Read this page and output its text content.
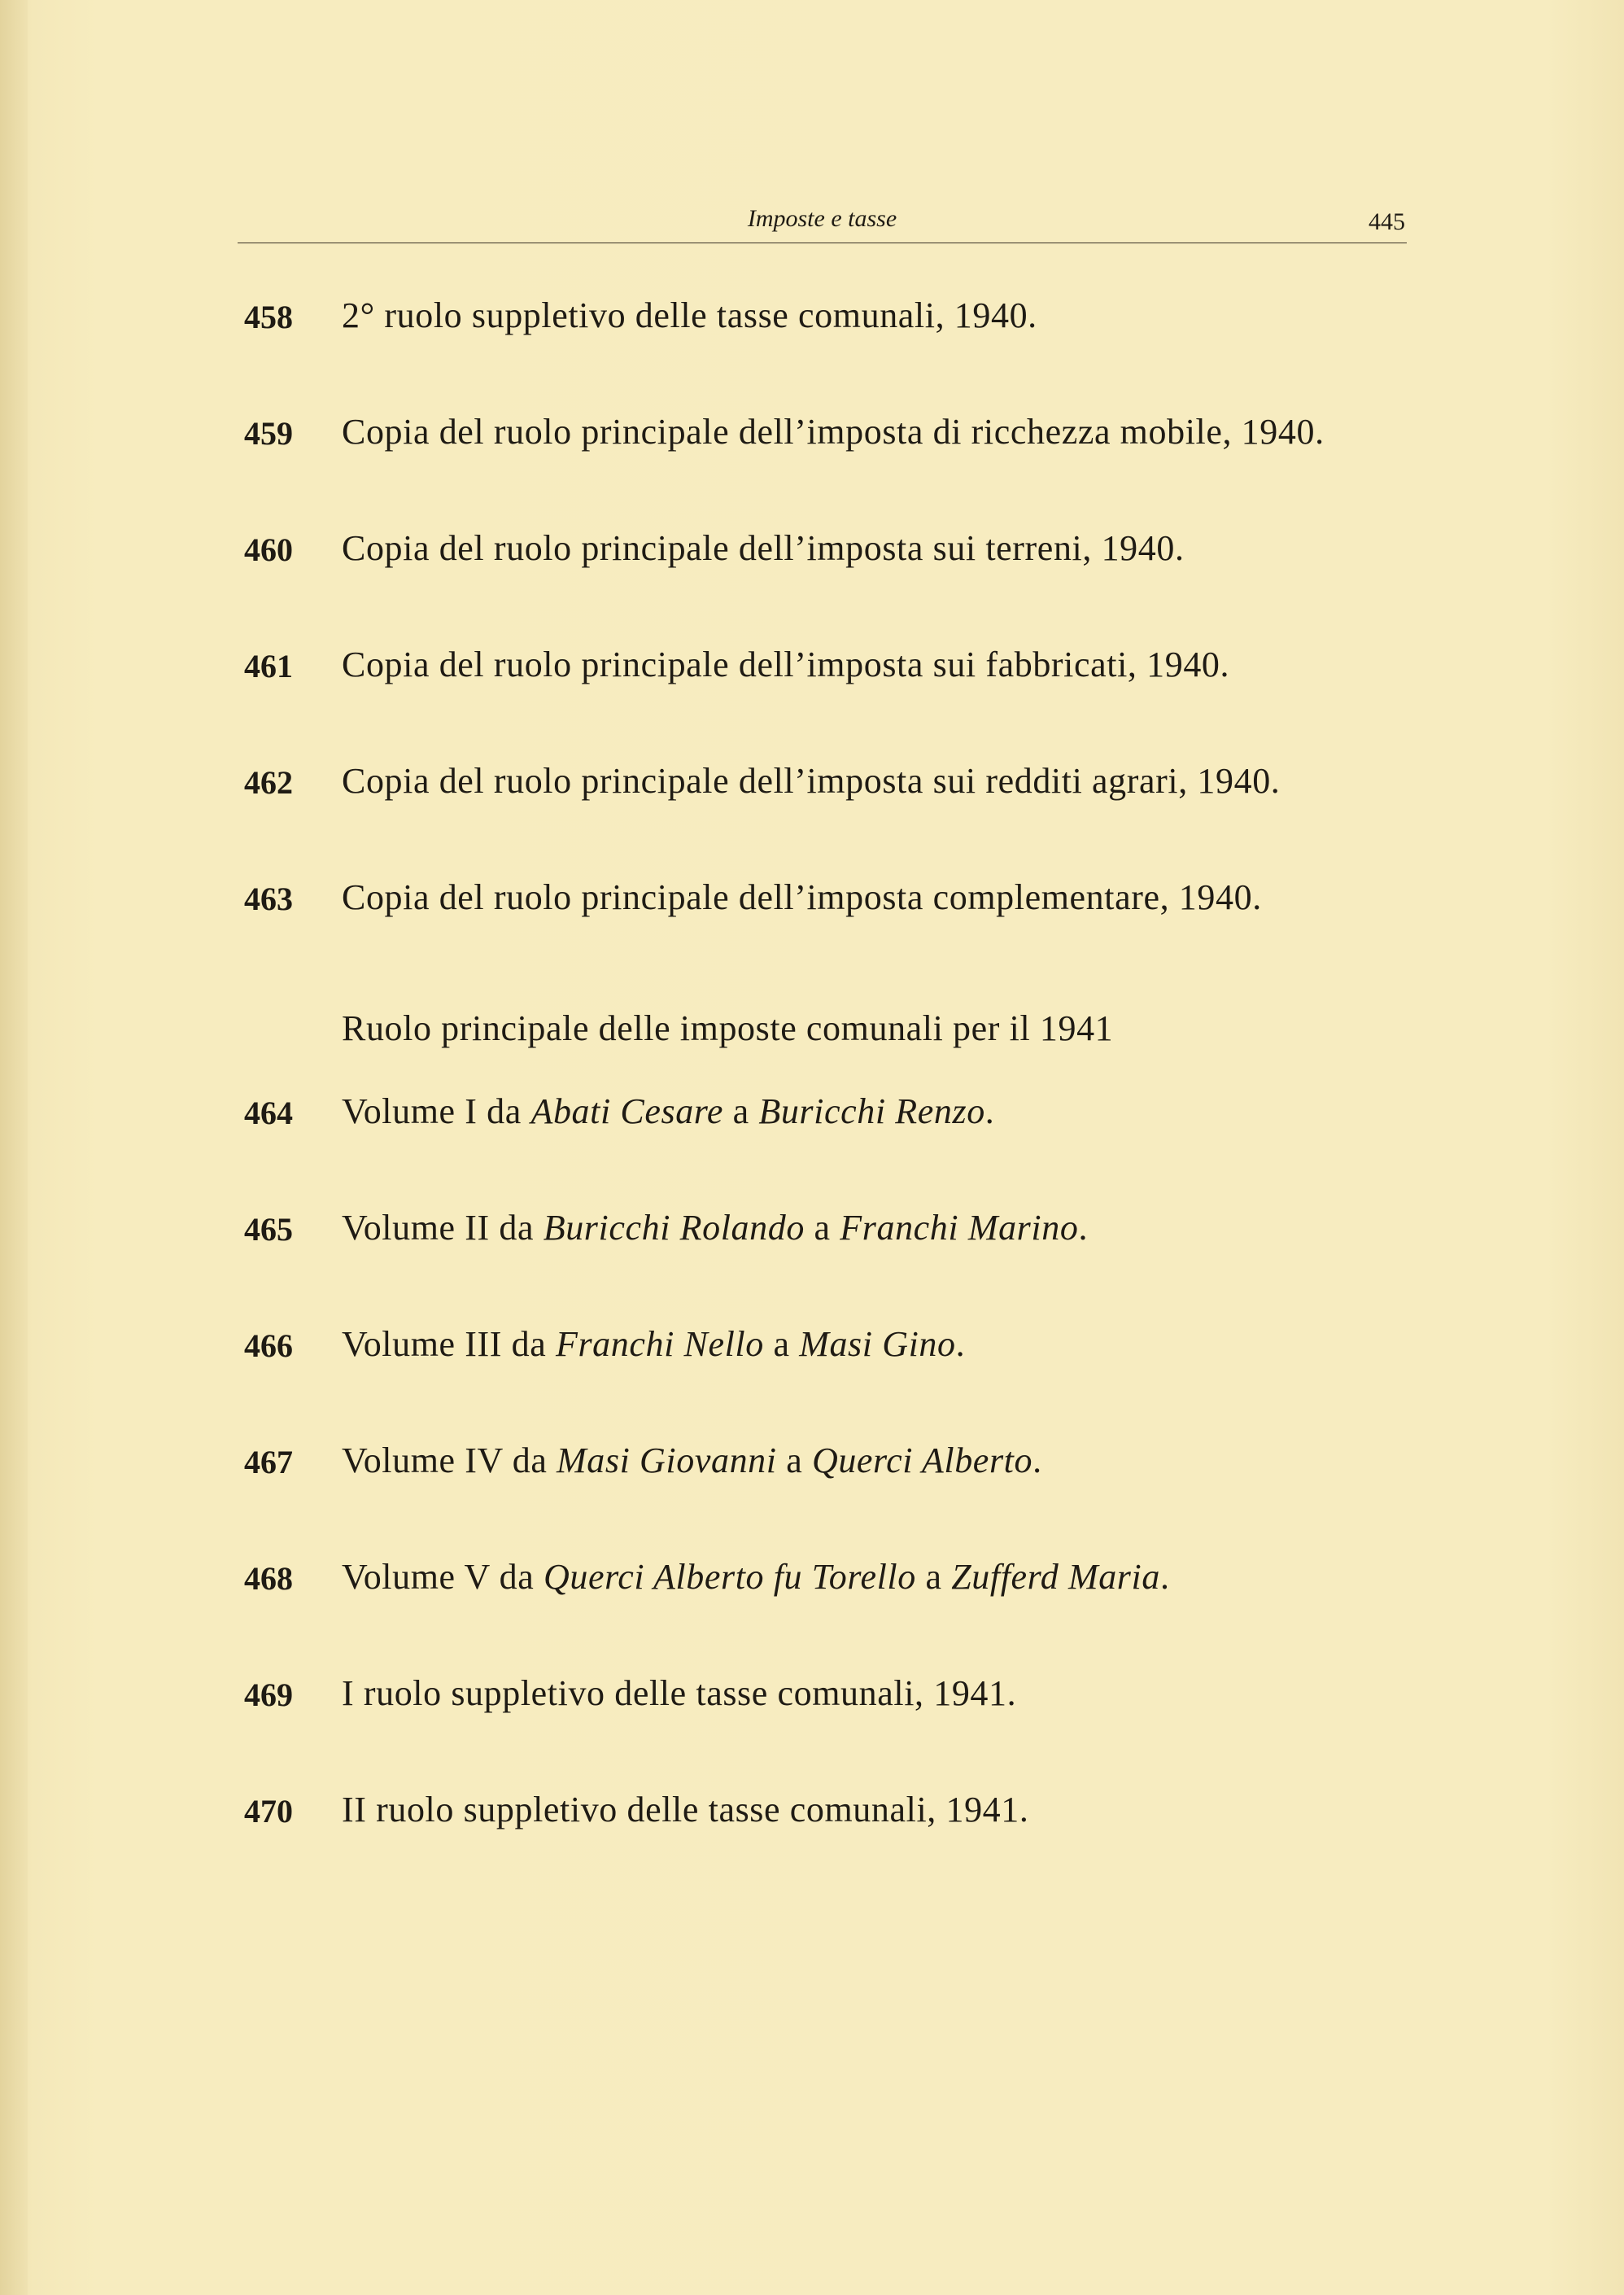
Imposte e tasse	445
458 2° ruolo suppletivo delle tasse comunali, 1940.
459 Copia del ruolo principale dell’imposta di ricchezza mobile, 1940.
460 Copia del ruolo principale dell’imposta sui terreni, 1940.
461 Copia del ruolo principale dell’imposta sui fabbricati, 1940.
462 Copia del ruolo principale dell’imposta sui redditi agrari, 1940.
463 Copia del ruolo principale dell’imposta complementare, 1940.
Ruolo principale delle imposte comunali per il 1941
464 Volume I da Abati Cesare a Buricchi Renzo.
465 Volume II da Buricchi Rolando a Franchi Marino.
466 Volume III da Franchi Nello a Masi Gino.
467 Volume IV da Masi Giovanni a Querci Alberto.
468 Volume V da Querci Alberto fu Torello a Zufferd Maria.
469 I ruolo suppletivo delle tasse comunali, 1941.
470 II ruolo suppletivo delle tasse comunali, 1941.
